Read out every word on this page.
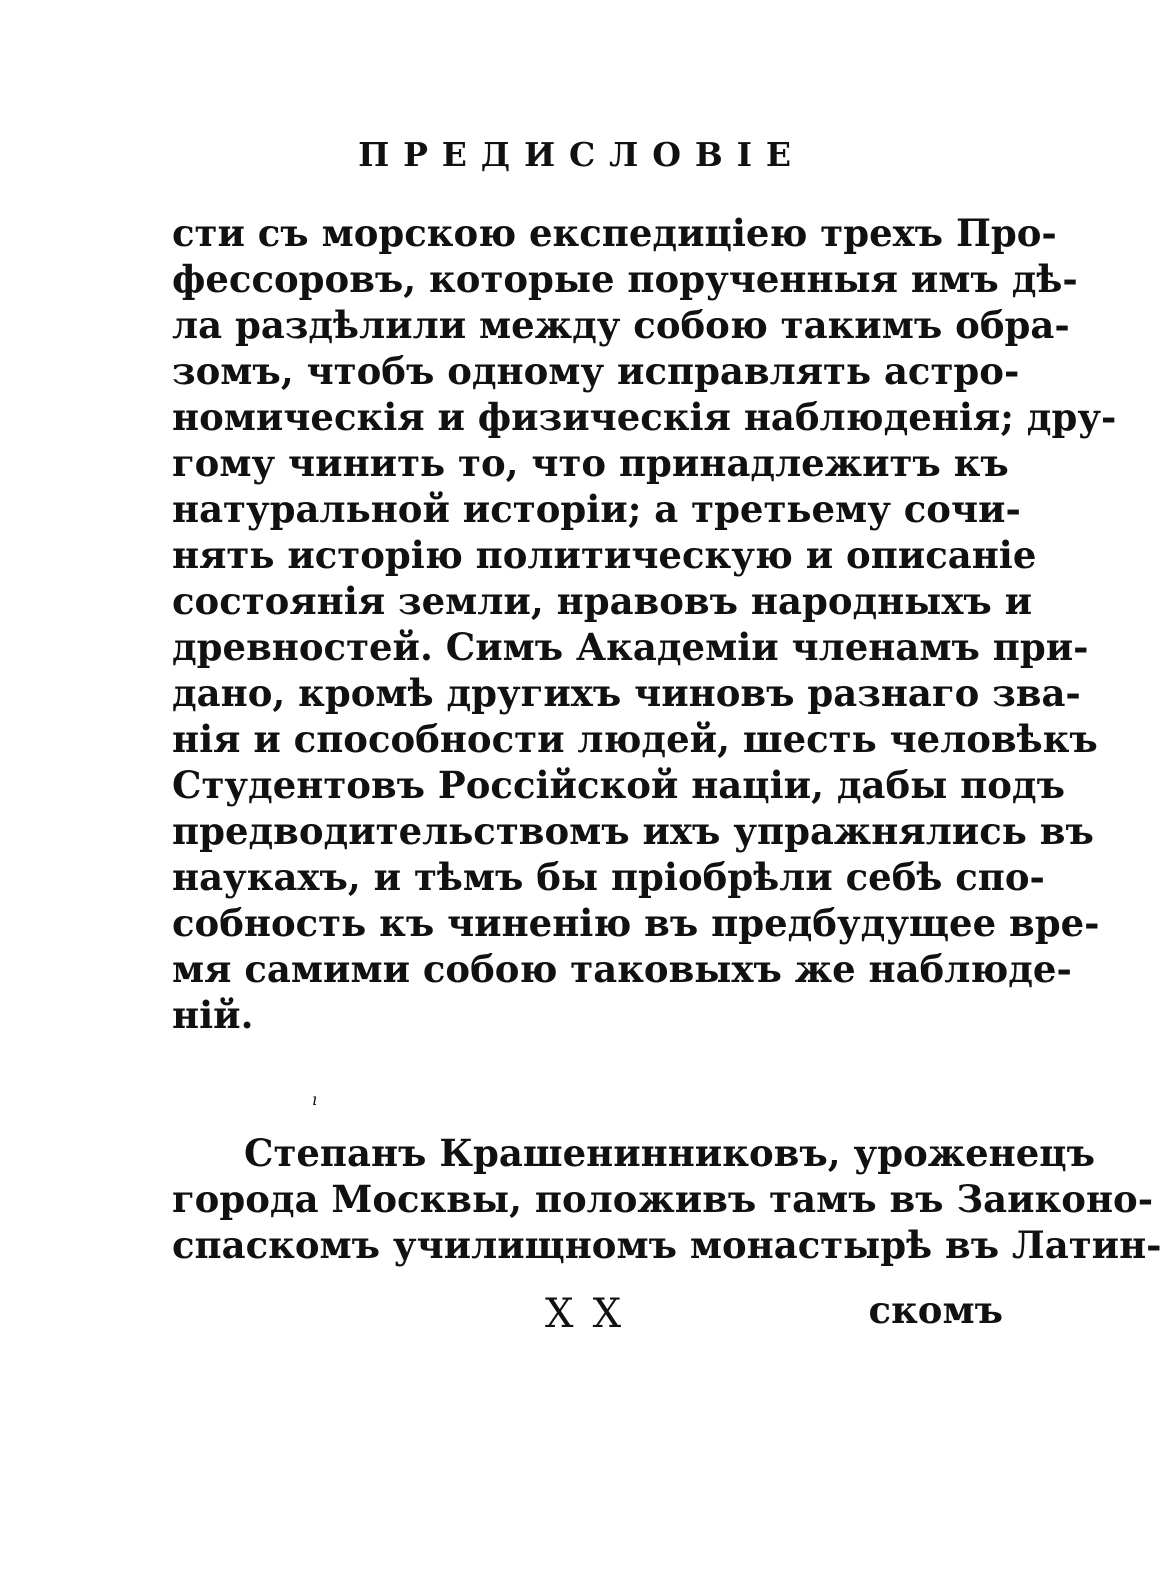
ПРЕДИСЛОВІЕ
сти съ морскою експедиціею трехъ Про-
фессоровъ, которые порученныя имъ дѣ-
ла раздѣлили между собою такимъ обра-
зомъ, чтобъ одному исправлять астро-
номическія и физическія наблюденія; дру-
гому чинить то, что принадлежитъ къ
натуральной исторіи; а третьему сочи-
нять исторію политическую и описаніе
состоянія земли, нравовъ народныхъ и
древностей. Симъ Академіи членамъ при-
дано, кромѣ другихъ чиновъ разнаго зва-
нія и способности людей, шесть человѣкъ
Студентовъ Россійской націи, дабы подъ
предводительствомъ ихъ упражнялись въ
наукахъ, и тѣмъ бы пріобрѣли себѣ спо-
собность къ чиненію въ предбудущее вре-
мя самими собою таковыхъ же наблюде-
ній.
ı
Степанъ Крашенинниковъ, уроженецъ
города Москвы, положивъ тамъ въ Заиконо-
спаскомъ училищномъ монастырѣ въ Латин-
X X	скомъ
